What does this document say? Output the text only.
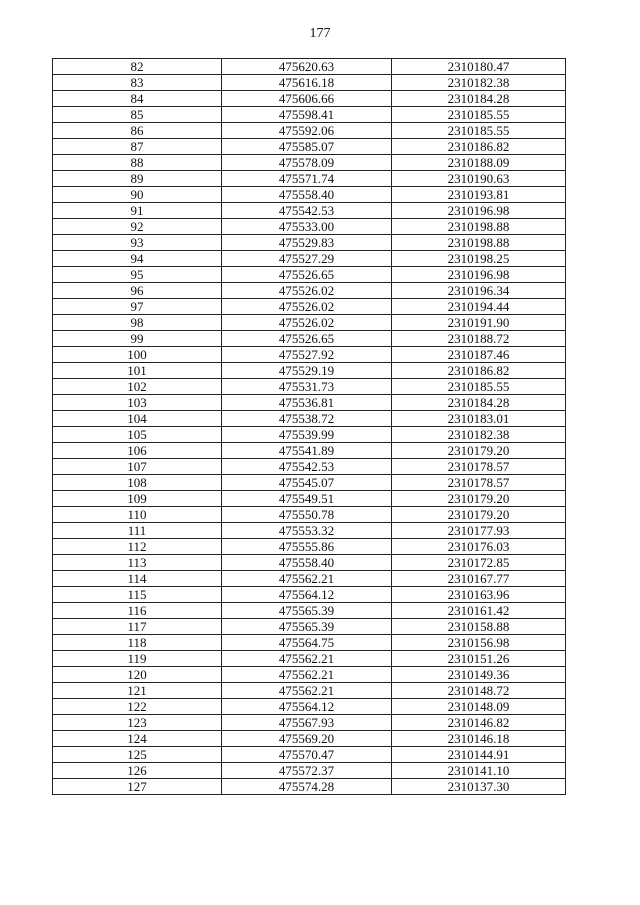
177
82	475620.63	2310180.47
83	475616.18	2310182.38
84	475606.66	2310184.28
85	475598.41	2310185.55
86	475592.06	2310185.55
87	475585.07	2310186.82
88	475578.09	2310188.09
89	475571.74	2310190.63
90	475558.40	2310193.81
91	475542.53	2310196.98
92	475533.00	2310198.88
93	475529.83	2310198.88
94	475527.29	2310198.25
95	475526.65	2310196.98
96	475526.02	2310196.34
97	475526.02	2310194.44
98	475526.02	2310191.90
99	475526.65	2310188.72
100	475527.92	2310187.46
101	475529.19	2310186.82
102	475531.73	2310185.55
103	475536.81	2310184.28
104	475538.72	2310183.01
105	475539.99	2310182.38
106	475541.89	2310179.20
107	475542.53	2310178.57
108	475545.07	2310178.57
109	475549.51	2310179.20
110	475550.78	2310179.20
111	475553.32	2310177.93
112	475555.86	2310176.03
113	475558.40	2310172.85
114	475562.21	2310167.77
115	475564.12	2310163.96
116	475565.39	2310161.42
117	475565.39	2310158.88
118	475564.75	2310156.98
119	475562.21	2310151.26
120	475562.21	2310149.36
121	475562.21	2310148.72
122	475564.12	2310148.09
123	475567.93	2310146.82
124	475569.20	2310146.18
125	475570.47	2310144.91
126	475572.37	2310141.10
127	475574.28	2310137.30
